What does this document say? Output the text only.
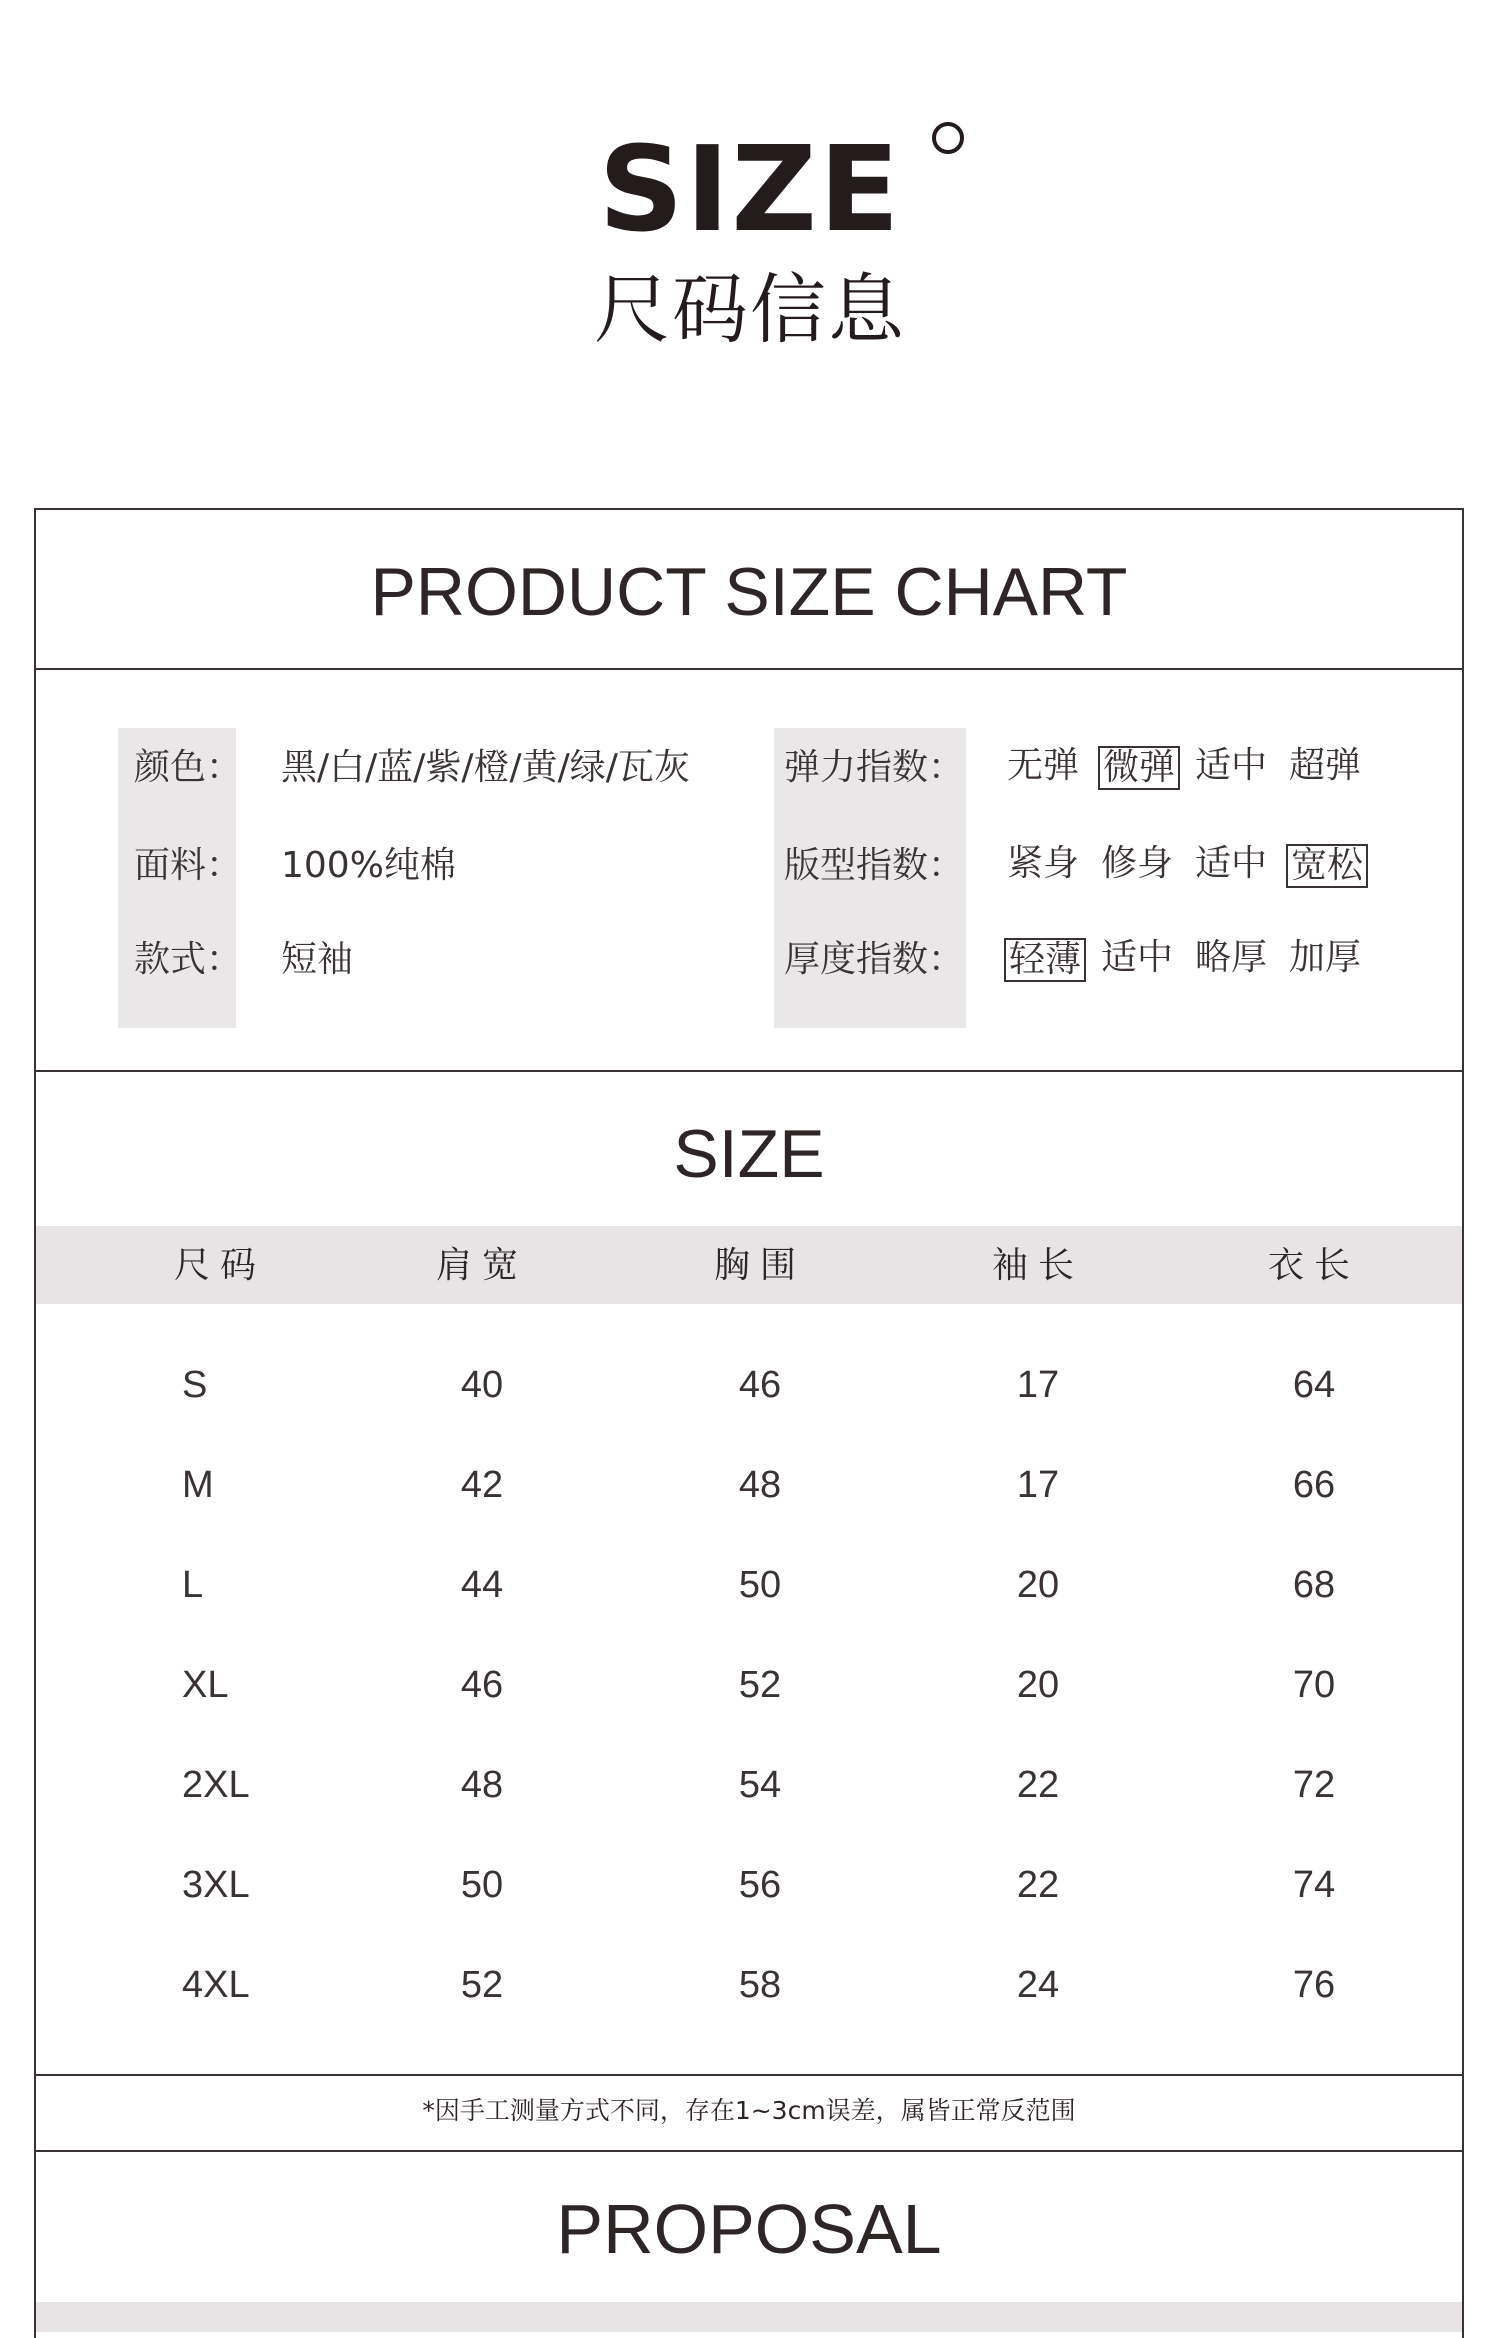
SIZE
尺码信息
PRODUCT SIZE CHART
SIZE
尺码	肩宽	胸围	袖长	衣长
*因手工测量方式不同，存在1~3cm误差，属皆正常反范围
PROPOSAL
颜色： 黑/白/蓝/紫/橙/黄/绿/瓦灰
面料： 100%纯棉
款式： 短袖
弹力指数： 无弹 微弹 适中 超弹
版型指数： 紧身 修身 适中 宽松
厚度指数： 轻薄 适中 略厚 加厚
S	40	46	17	64
M	42	48	17	66
L	44	50	20	68
XL	46	52	20	70
2XL	48	54	22	72
3XL	50	56	22	74
4XL	52	58	24	76
